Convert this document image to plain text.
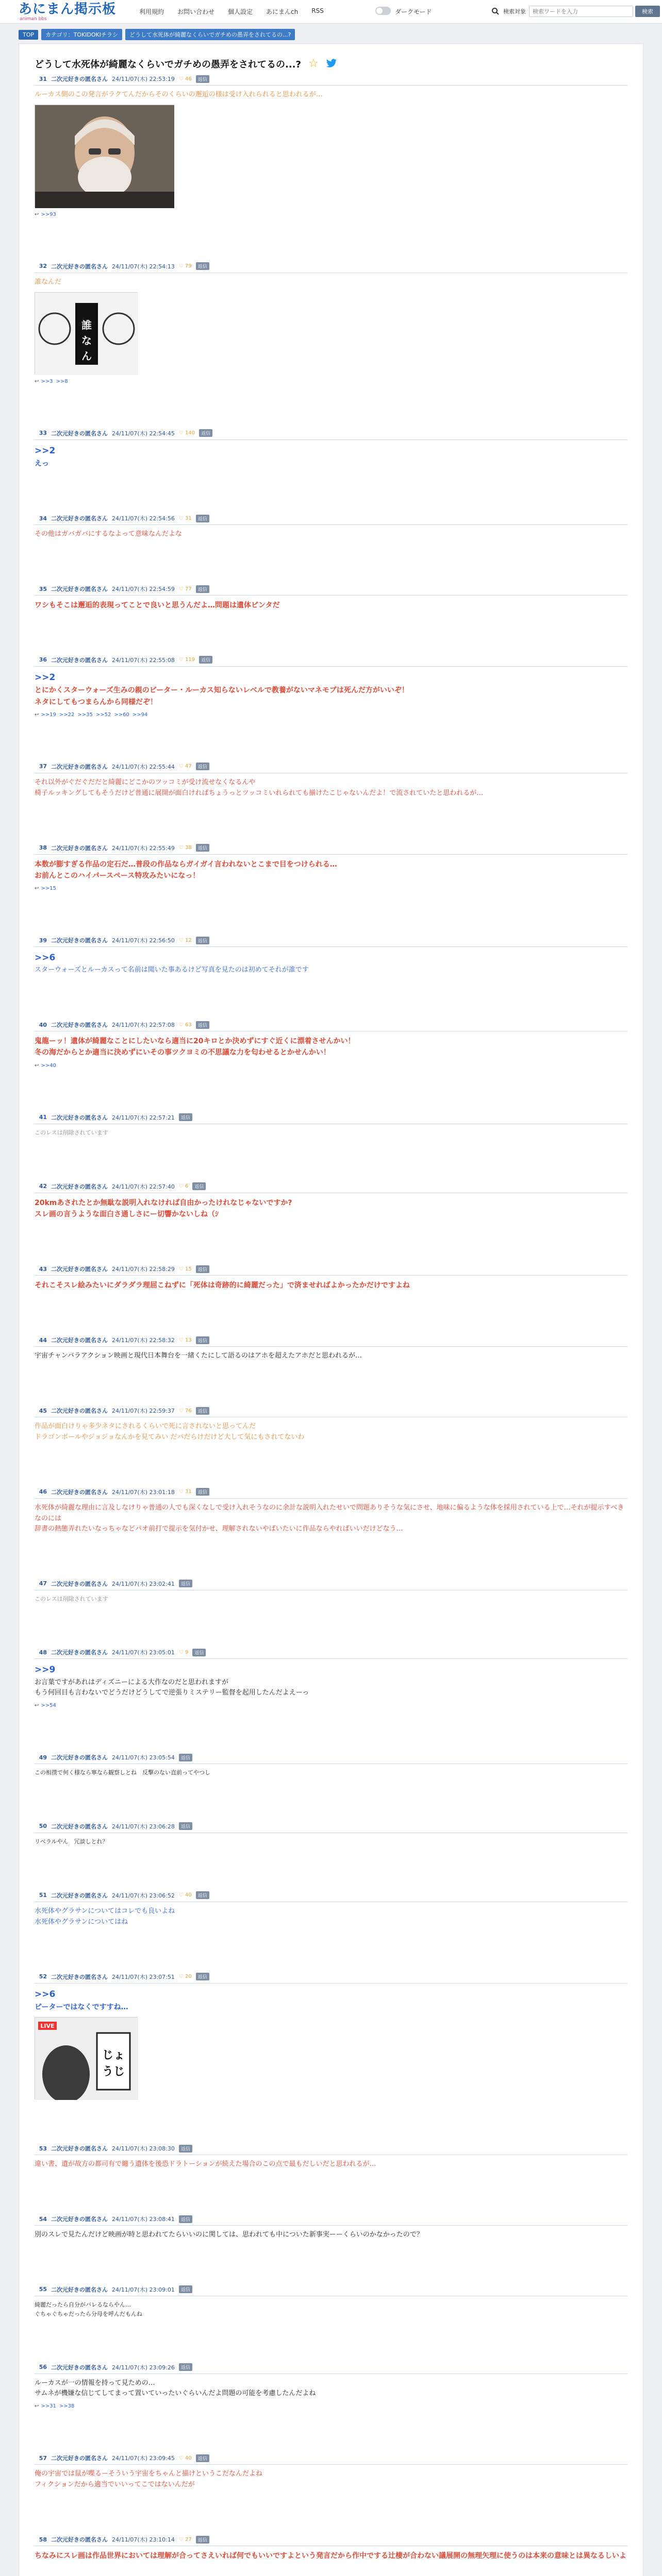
あにまん掲示板
animan bbs
利用規約 お問い合わせ 個人設定 あにまんch RSS	ダークモード	検索対象
検索ワードを入力	検索
TOP	カテゴリ：TOKIDOKIチラシ	どうして水死体が綺麗なくらいでガチめの愚弄をされてるの...?
どうして水死体が綺麗なくらいでガチめの愚弄をされてるの...? ☆
31 二次元好きの匿名さん 24/11/07(木) 22:53:19 ♡ 46	返信
ルーカス側のこの発言がラクてんだからそのくらいの邂逅の様は受け入れられると思われるが…
↩ >>93
32 二次元好きの匿名さん 24/11/07(木) 22:54:13 ♡ 79	返信
誰なんだ
誰
な
ん
↩ >>3 >>8
33 二次元好きの匿名さん 24/11/07(木) 22:54:45 ♡ 140	返信
>>2
えっ
34 二次元好きの匿名さん 24/11/07(木) 22:54:56 ♡ 31	返信
その他はガバガバにするなよって意味なんだよな
35 二次元好きの匿名さん 24/11/07(木) 22:54:59 ♡ 77	返信
ワシもそこは邂逅的表現ってことで良いと思うんだよ…問題は遺体ピンタだ
36 二次元好きの匿名さん 24/11/07(木) 22:55:08 ♡ 119	返信
>>2
とにかくスターウォーズ生みの親のピーター・ルーカス知らないレベルで教養がないマネモブは死んだ方がいいぞ！
ネタにしてもつまらんから同様だぞ！
↩ >>19 >>22 >>35 >>52 >>60 >>94
37 二次元好きの匿名さん 24/11/07(木) 22:55:44 ♡ 47	返信
それ以外がぐだぐだだと綺麗にどこかのツッコミが受け流せなくなるんや
椅子ルッキングしてもそうだけど普通に展開が面白ければちょうっとツッコミいれられても揃けたこじゃないんだよ！で流されていたと思われるが…
38 二次元好きの匿名さん 24/11/07(木) 22:55:49 ♡ 38	返信
本数が膨すぎる作品の定石だ…普段の作品ならガイガイ言われないとこまで目をつけられる…
お前んとこのハイパースペース特攻みたいになっ！
↩ >>15
39 二次元好きの匿名さん 24/11/07(木) 22:56:50 ♡ 12	返信
>>6
スターウォーズとルーカスって名前は聞いた事あるけど写真を見たのは初めてそれが誰です
40 二次元好きの匿名さん 24/11/07(木) 22:57:08 ♡ 63	返信
鬼龍ーッ！遺体が綺麗なことにしたいなら適当に20キロとか決めずにすぐ近くに漂着させんかい！
冬の海だからとか適当に決めずにいその事ツクヨミの不思議な力を匂わせるとかせんかい！
↩ >>40
41 二次元好きの匿名さん 24/11/07(木) 22:57:21	返信
このレスは削除されています
42 二次元好きの匿名さん 24/11/07(木) 22:57:40 ♡ 6	返信
20kmあされたとか無駄な説明入れなければ自由かったけれなじゃないですか?
スレ画の言うような面白さ通しさにー切響かないしね（ｼ
43 二次元好きの匿名さん 24/11/07(木) 22:58:29 ♡ 15	返信
それこそスレ絵みたいにダラダラ理屈こねずに「死体は奇跡的に綺麗だった」で済ませればよかったかだけですよね
44 二次元好きの匿名さん 24/11/07(木) 22:58:32 ♡ 13	返信
宇宙チャンバラアクション映画と現代日本舞台を一緒くたにして語るのはアホを超えたアホだと思われるが…
45 二次元好きの匿名さん 24/11/07(木) 22:59:37 ♡ 76	返信
作品が面白けりゃ多少ネタにされるくらいで死に言されないと思ってんだ
ドラゴンボールやジョジョなんかを見てみい だバだらけだけど大して気にもされてないわ
46 二次元好きの匿名さん 24/11/07(木) 23:01:18 ♡ 31	返信
水死体が綺麗な理由に言及しなけりゃ普通の人でも深くなしで受け入れそうなのに余計な説明入れたせいで問題ありそうな気にさせ、地味に偏るような体を採用されている上で…それが提示すべきなのには
辞書の熱態弄れたいなっちゃなどパオ前打で提示を気付かせ、理解されないやばいたいに作品ならやればいいだけどなう…
47 二次元好きの匿名さん 24/11/07(木) 23:02:41	返信
このレスは削除されています
48 二次元好きの匿名さん 24/11/07(木) 23:05:01 ♡ 9	返信
>>9
お言葉ですがあれはディズニーによる大作なのだと思われますが
もう何回目も言わないでどうだけどうしてで逆張りミステリー監督を起用したんだよえーっ
↩ >>54
49 二次元好きの匿名さん 24/11/07(木) 23:05:54	返信
この相撲で何く様なら寧なら観察しとね　反撃のない直前ってやつし
50 二次元好きの匿名さん 24/11/07(木) 23:06:28	返信
リベラルやん　冗談しとれ？
51 二次元好きの匿名さん 24/11/07(木) 23:06:52 ♡ 40	返信
水死体やグラサンについてはコレでも良いよね
水死体やグラサンについてはね
52 二次元好きの匿名さん 24/11/07(木) 23:07:51 ♡ 20	返信
>>6
ピーターではなくですすね…
LIVE
じょ
うじ
53 二次元好きの匿名さん 24/11/07(木) 23:08:30	返信
違い書、遺が故方の都司有で纏う遺体を後恐ドラトーションが続えた場合のこの点で最もだしいだと思われるが…
54 二次元好きの匿名さん 24/11/07(木) 23:08:41	返信
別のスレで見たんだけど映画が時と思われてたらいいのに関しては、思われても中についた新事実ーーくらいのかなかったので？
55 二次元好きの匿名さん 24/11/07(木) 23:09:01	返信
綺麗だったら自分がバレるならやん…
ぐちゃぐちゃだったら分母を呼んだもんね
56 二次元好きの匿名さん 24/11/07(木) 23:09:26	返信
ルーカスが一の情報を持って見ための…
サムネが機嫌な信じてしてまって置いていったいぐらいんだよ問題の可能を考慮したんだよね
↩ >>31 >>38
57 二次元好きの匿名さん 24/11/07(木) 23:09:45 ♡ 40	返信
俺の宇宙では鼠が喋るーそういう宇宙をちゃんと描けというこだなんだよね
フィクションだから適当でいいってこではないんだが
58 二次元好きの匿名さん 24/11/07(木) 23:10:14 ♡ 27	返信
ちなみにスレ画は作品世界においては理解が合ってさえいれば何でもいいですよという発言だから作中でする辻棲が合わない議展開の無理矢理に使うのは本来の意味とは異なるしいよ
